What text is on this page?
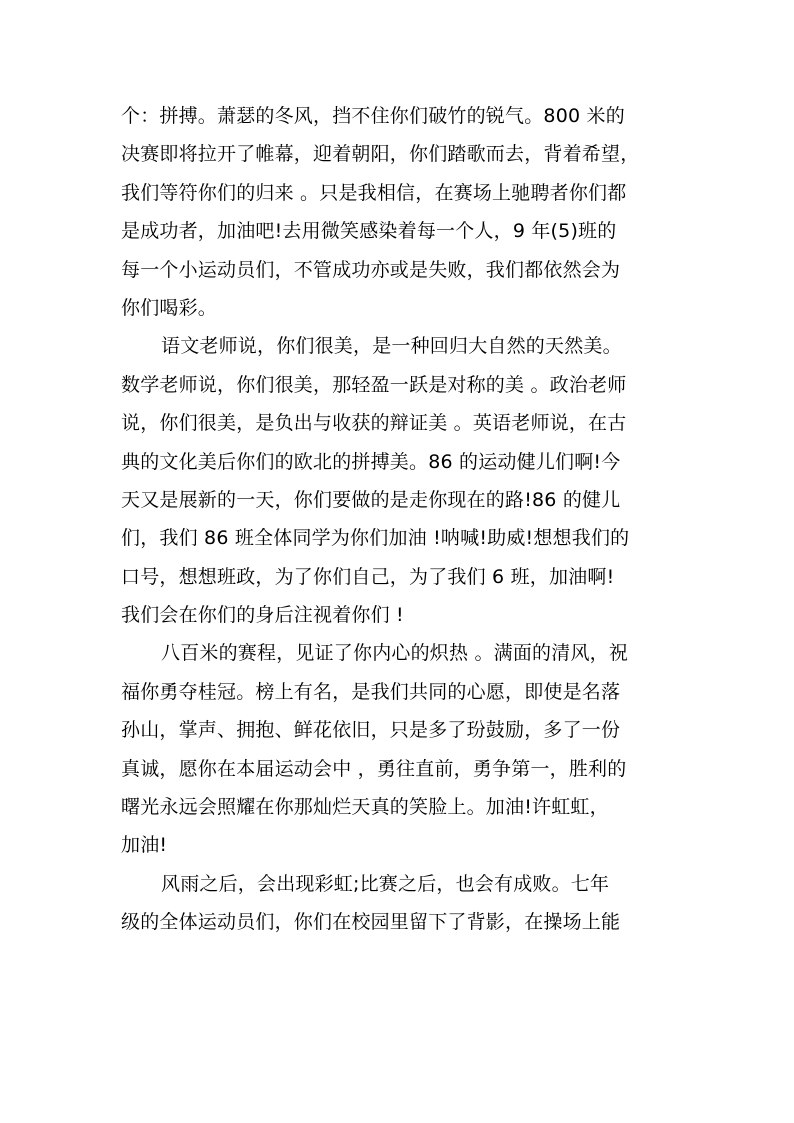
个：拼搏。萧瑟的冬风，挡不住你们破竹的锐气。800 米的
决赛即将拉开了帷幕，迎着朝阳，你们踏歌而去，背着希望，
我们等符你们的归来 。只是我相信，在赛场上驰聘者你们都
是成功者，加油吧!去用微笑感染着每一个人，9 年(5)班的
每一个小运动员们，不管成功亦或是失败，我们都依然会为
你们喝彩。
语文老师说，你们很美，是一种回归大自然的天然美。
数学老师说，你们很美，那轻盈一跃是对称的美 。政治老师
说，你们很美，是负出与收获的辩证美 。英语老师说，在古
典的文化美后你们的欧北的拼搏美。86 的运动健儿们啊!今
天又是展新的一天，你们要做的是走你现在的路!86 的健儿
们，我们 86 班全体同学为你们加油 !呐喊!助威!想想我们的
口号，想想班政，为了你们自己，为了我们 6 班，加油啊!
我们会在你们的身后注视着你们 !
八百米的赛程，见证了你内心的炽热 。满面的清风，祝
福你勇夺桂冠。榜上有名，是我们共同的心愿，即使是名落
孙山，掌声、拥抱、鲜花依旧，只是多了玢鼓励，多了一份
真诚，愿你在本届运动会中 ，勇往直前，勇争第一，胜利的
曙光永远会照耀在你那灿烂天真的笑脸上。加油!许虹虹，
加油!
风雨之后，会出现彩虹;比赛之后，也会有成败。七年
级的全体运动员们，你们在校园里留下了背影，在操场上能
